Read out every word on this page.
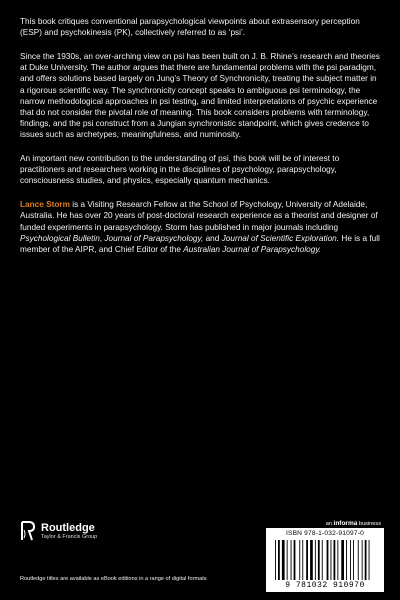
This book critiques conventional parapsychological viewpoints about extrasensory perception (ESP) and psychokinesis (PK), collectively referred to as ‘psi’.

Since the 1930s, an over-arching view on psi has been built on J. B. Rhine’s research and theories at Duke University. The author argues that there are fundamental problems with the psi paradigm, and offers solutions based largely on Jung’s Theory of Synchronicity, treating the subject matter in a rigorous scientific way. The synchronicity concept speaks to ambiguous psi terminology, the narrow methodological approaches in psi testing, and limited interpretations of psychic experience that do not consider the pivotal role of meaning. This book considers problems with terminology, findings, and the psi construct from a Jungian synchronistic standpoint, which gives credence to issues such as archetypes, meaningfulness, and numinosity.

An important new contribution to the understanding of psi, this book will be of interest to practitioners and researchers working in the disciplines of psychology, parapsychology, consciousness studies, and physics, especially quantum mechanics.

Lance Storm is a Visiting Research Fellow at the School of Psychology, University of Adelaide, Australia. He has over 20 years of post-doctoral research experience as a theorist and designer of funded experiments in parapsychology. Storm has published in major journals including Psychological Bulletin, Journal of Parapsychology, and Journal of Scientific Exploration. He is a full member of the AIPR, and Chief Editor of the Australian Journal of Parapsychology.

Routledge
Taylor & Francis Group
Routledge titles are available as eBook editions in a range of digital formats
an informa business
ISBN 978-1-032-91097-0
9 781032 910970
